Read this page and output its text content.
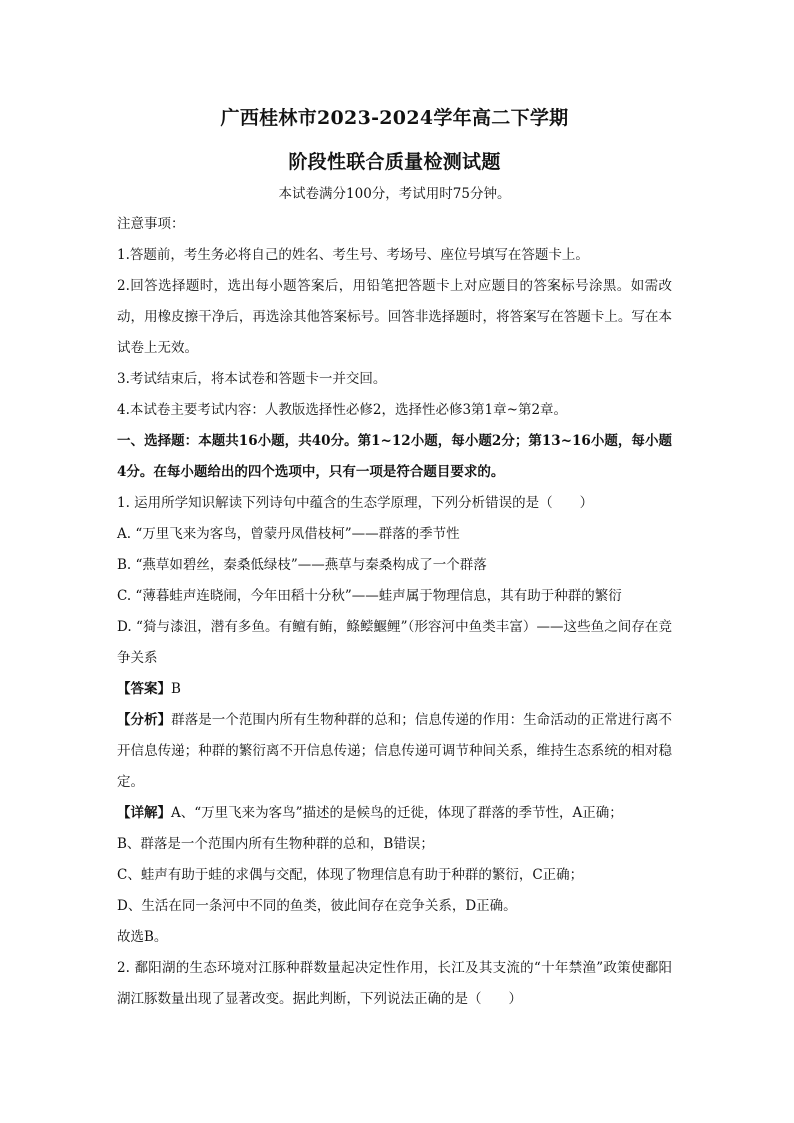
广西桂林市2023-2024学年高二下学期
阶段性联合质量检测试题
本试卷满分100分，考试用时75分钟。

注意事项：

1.答题前，考生务必将自己的姓名、考生号、考场号、座位号填写在答题卡上。

2.回答选择题时，选出每小题答案后，用铅笔把答题卡上对应题目的答案标号涂黑。如需改动，用橡皮擦干净后，再选涂其他答案标号。回答非选择题时，将答案写在答题卡上。写在本试卷上无效。

3.考试结束后，将本试卷和答题卡一并交回。

4.本试卷主要考试内容：人教版选择性必修2，选择性必修3第1章~第2章。

一、选择题：本题共16小题，共40分。第1~12小题，每小题2分；第13~16小题，每小题4分。在每小题给出的四个选项中，只有一项是符合题目要求的。

1. 运用所学知识解读下列诗句中蕴含的生态学原理，下列分析错误的是（　　）

A. “万里飞来为客鸟，曾蒙丹凤借枝柯”——群落的季节性

B. “燕草如碧丝，秦桑低绿枝”——燕草与秦桑构成了一个群落

C. “薄暮蛙声连晓闹，今年田稻十分秋”——蛙声属于物理信息，其有助于种群的繁衍

D. “猗与漆沮，潜有多鱼。有鳣有鲔，鲦鲿鰋鲤”（形容河中鱼类丰富）——这些鱼之间存在竞争关系

【答案】B

【分析】群落是一个范围内所有生物种群的总和；信息传递的作用：生命活动的正常进行离不开信息传递；种群的繁衍离不开信息传递；信息传递可调节种间关系，维持生态系统的相对稳定。

【详解】A、“万里飞来为客鸟”描述的是候鸟的迁徙，体现了群落的季节性，A正确；

B、群落是一个范围内所有生物种群的总和，B错误；

C、蛙声有助于蛙的求偶与交配，体现了物理信息有助于种群的繁衍，C正确；

D、生活在同一条河中不同的鱼类，彼此间存在竞争关系，D正确。

故选B。

2. 鄱阳湖的生态环境对江豚种群数量起决定性作用，长江及其支流的“十年禁渔”政策使鄱阳湖江豚数量出现了显著改变。据此判断，下列说法正确的是（　　）
